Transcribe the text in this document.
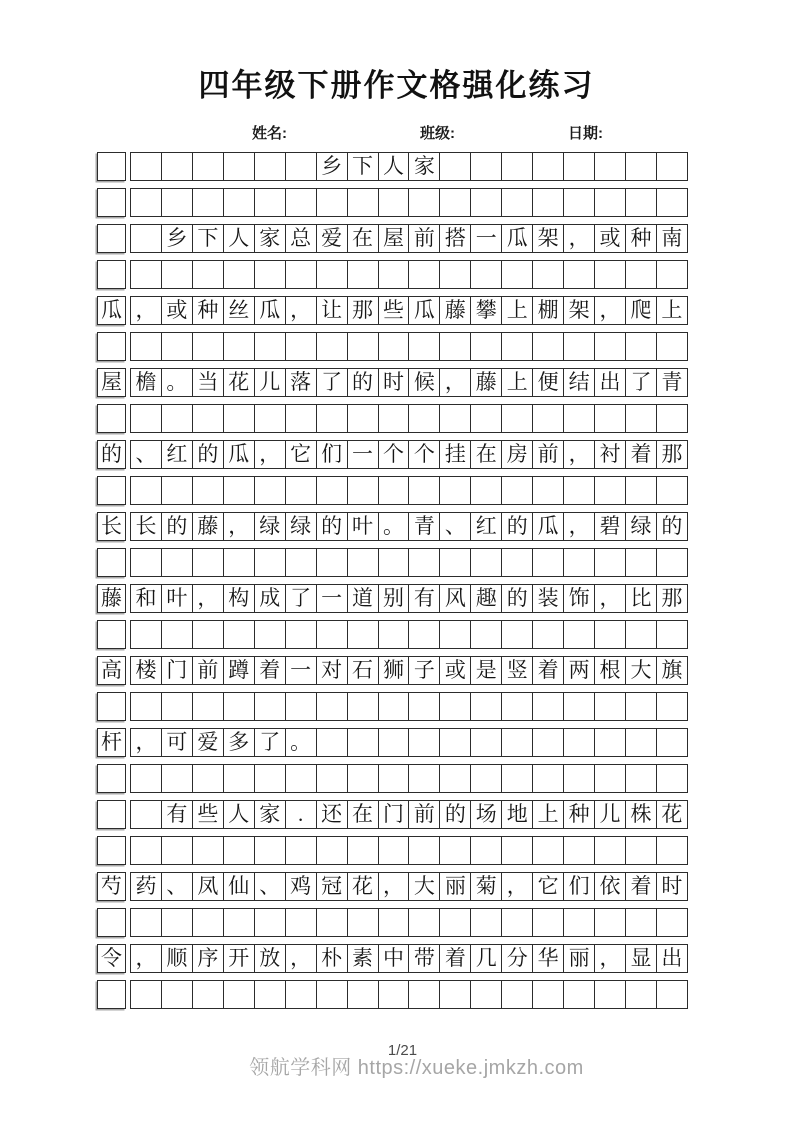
四年级下册作文格强化练习
姓名:	班级:	日期:
乡 下 人 家
乡 下 人 家 总 爱 在 屋 前 搭 一 瓜 架 ， 或 种 南
瓜 ， 或 种 丝 瓜 ， 让 那 些 瓜 藤 攀 上 棚 架 ， 爬 上
屋 檐 。 当 花 儿 落 了 的 时 候 ， 藤 上 便 结 出 了 青
的 、 红 的 瓜 ， 它 们 一 个 个 挂 在 房 前 ， 衬 着 那
长 长 的 藤 ， 绿 绿 的 叶 。 青 、 红 的 瓜 ， 碧 绿 的
藤 和 叶 ， 构 成 了 一 道 别 有 风 趣 的 装 饰 ， 比 那
高 楼 门 前 蹲 着 一 对 石 狮 子 或 是 竖 着 两 根 大 旗
杆 ， 可 爱 多 了 。
有 些 人 家 . 还 在 门 前 的 场 地 上 种 儿 株 花
芍 药 、 凤 仙 、 鸡 冠 花 ， 大 丽 菊 ， 它 们 依 着 时
令 ， 顺 序 开 放 ， 朴 素 中 带 着 几 分 华 丽 ， 显 出
领航学科网 https://xueke.jmkzh.com
1/21
